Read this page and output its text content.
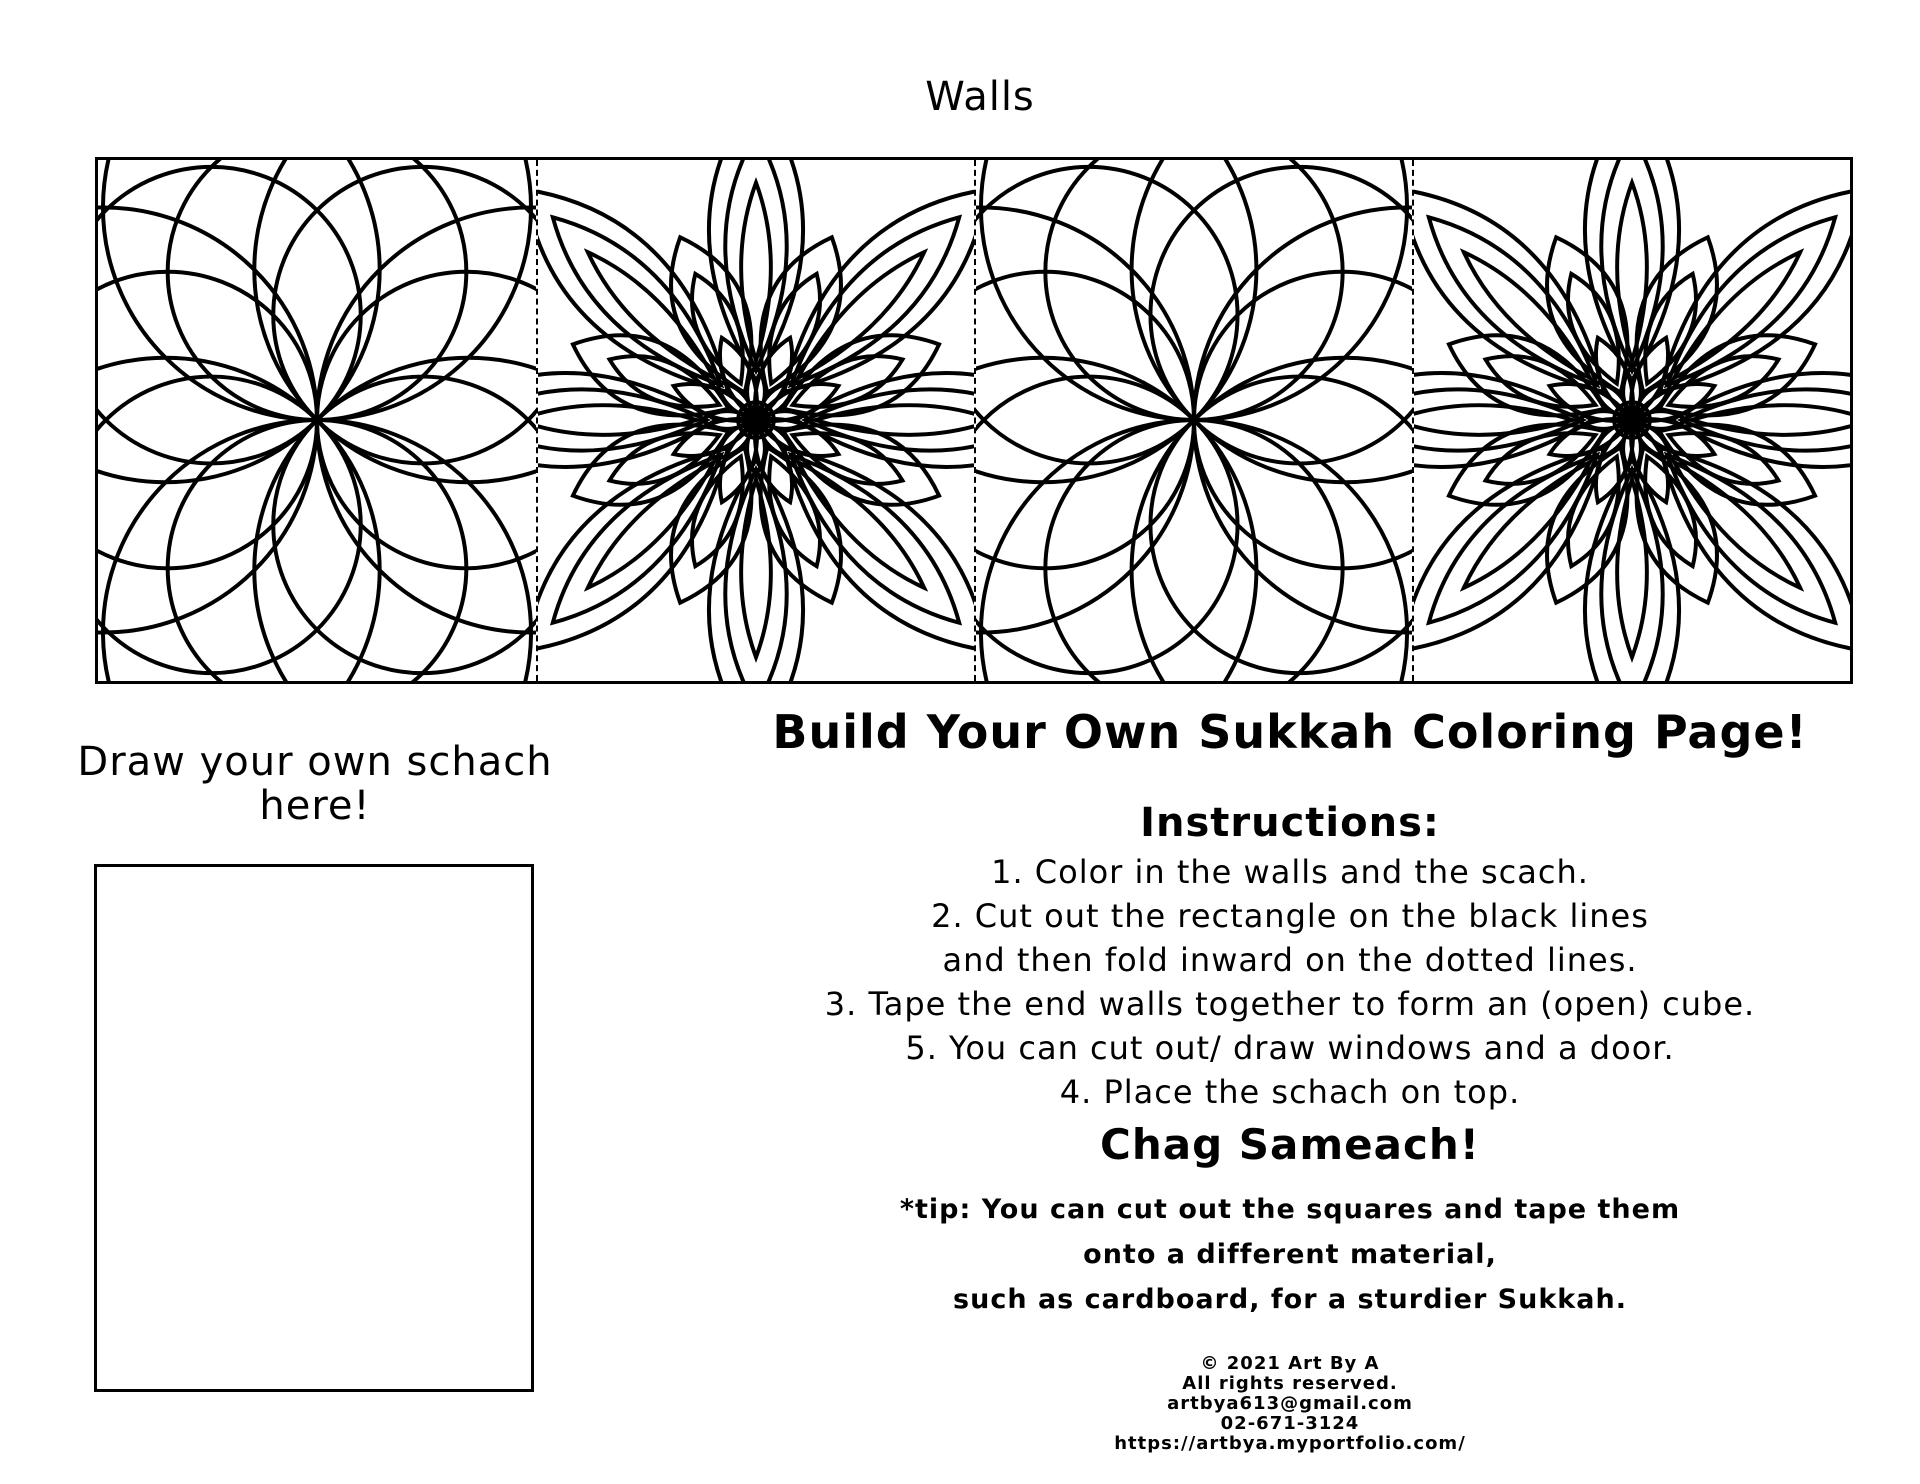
Walls
Draw your own schach
here!
Build Your Own Sukkah Coloring Page!
Instructions:
1. Color in the walls and the scach.
2. Cut out the rectangle on the black lines
and then fold inward on the dotted lines.
3. Tape the end walls together to form an (open) cube.
5. You can cut out/ draw windows and a door.
4. Place the schach on top.
Chag Sameach!
*tip: You can cut out the squares and tape them
onto a different material,
such as cardboard, for a sturdier Sukkah.
© 2021 Art By A
All rights reserved.
artbya613@gmail.com
02-671-3124
https://artbya.myportfolio.com/
